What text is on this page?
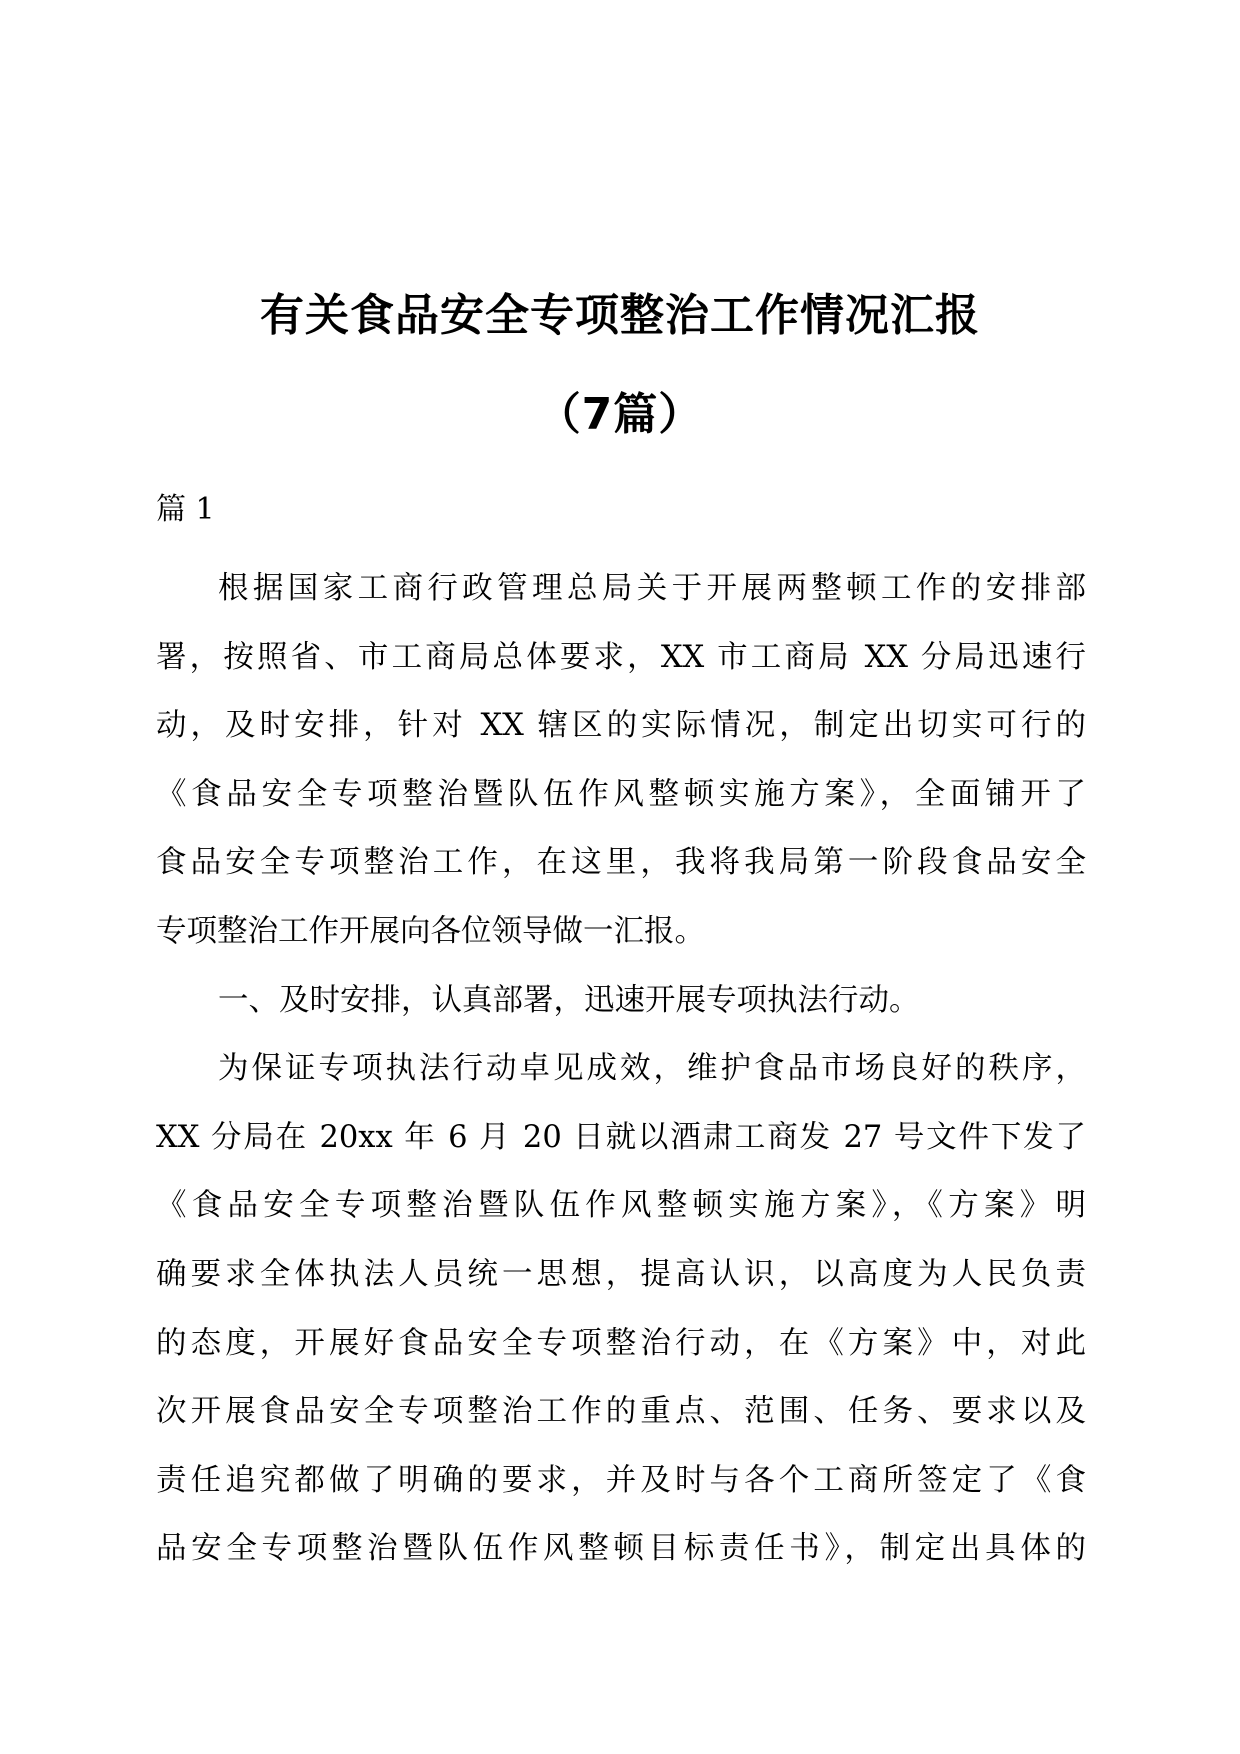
有关食品安全专项整治工作情况汇报
（7篇）
篇 1
根据国家工商行政管理总局关于开展两整顿工作的安排部
署，按照省、市工商局总体要求，XX 市工商局 XX 分局迅速行
动，及时安排，针对 XX 辖区的实际情况，制定出切实可行的
《食品安全专项整治暨队伍作风整顿实施方案》，全面铺开了
食品安全专项整治工作，在这里，我将我局第一阶段食品安全
专项整治工作开展向各位领导做一汇报。
一、及时安排，认真部署，迅速开展专项执法行动。
为保证专项执法行动卓见成效，维护食品市场良好的秩序，
XX 分局在 20xx 年 6 月 20 日就以酒肃工商发 27 号文件下发了
《食品安全专项整治暨队伍作风整顿实施方案》，《方案》明
确要求全体执法人员统一思想，提高认识，以高度为人民负责
的态度，开展好食品安全专项整治行动，在《方案》中，对此
次开展食品安全专项整治工作的重点、范围、任务、要求以及
责任追究都做了明确的要求，并及时与各个工商所签定了《食
品安全专项整治暨队伍作风整顿目标责任书》，制定出具体的
